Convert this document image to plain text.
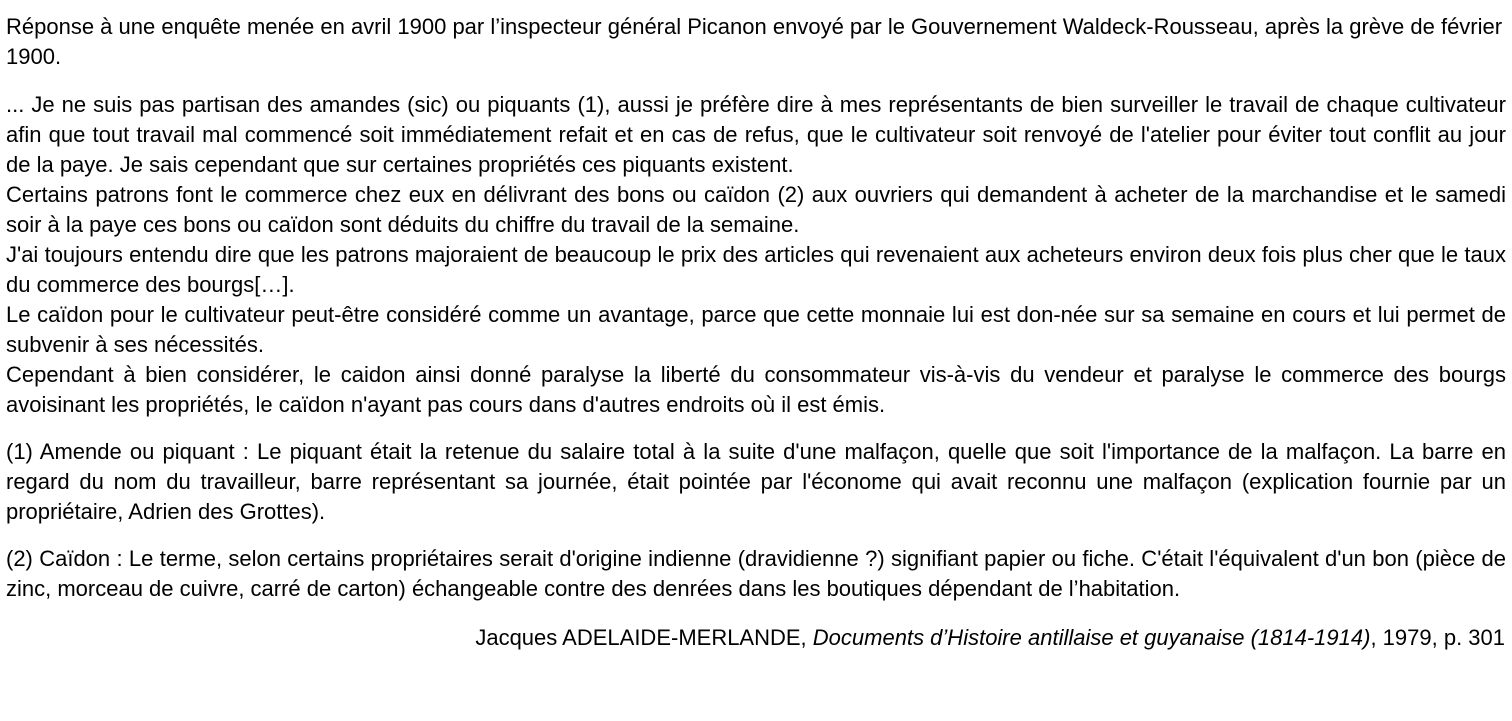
Réponse à une enquête menée en avril 1900 par l’inspecteur général Picanon envoyé par le Gouvernement Waldeck-Rousseau, après la grève de février 1900.

... Je ne suis pas partisan des amandes (sic) ou piquants (1), aussi je préfère dire à mes représentants de bien surveiller le travail de chaque cultivateur afin que tout travail mal commencé soit immédiatement refait et en cas de refus, que le cultivateur soit renvoyé de l'atelier pour éviter tout conflit au jour de la paye. Je sais cependant que sur certaines propriétés ces piquants existent.

Certains patrons font le commerce chez eux en délivrant des bons ou caïdon (2) aux ouvriers qui demandent à acheter de la marchandise et le samedi soir à la paye ces bons ou caïdon sont déduits du chiffre du travail de la semaine.

J'ai toujours entendu dire que les patrons majoraient de beaucoup le prix des articles qui revenaient aux acheteurs environ deux fois plus cher que le taux du commerce des bourgs[…].

Le caïdon pour le cultivateur peut-être considéré comme un avantage, parce que cette monnaie lui est don-née sur sa semaine en cours et lui permet de subvenir à ses nécessités.

Cependant à bien considérer, le caidon ainsi donné paralyse la liberté du consommateur vis-à-vis du vendeur et paralyse le commerce des bourgs avoisinant les propriétés, le caïdon n'ayant pas cours dans d'autres endroits où il est émis.

(1) Amende ou piquant : Le piquant était la retenue du salaire total à la suite d'une malfaçon, quelle que soit l'importance de la malfaçon. La barre en regard du nom du travailleur, barre représentant sa journée, était pointée par l'économe qui avait reconnu une malfaçon (explication fournie par un propriétaire, Adrien des Grottes).

(2) Caïdon : Le terme, selon certains propriétaires serait d'origine indienne (dravidienne ?) signifiant papier ou fiche. C'était l'équivalent d'un bon (pièce de zinc, morceau de cuivre, carré de carton) échangeable contre des denrées dans les boutiques dépendant de l’habitation.

Jacques ADELAIDE-MERLANDE, Documents d’Histoire antillaise et guyanaise (1814-1914), 1979, p. 301
